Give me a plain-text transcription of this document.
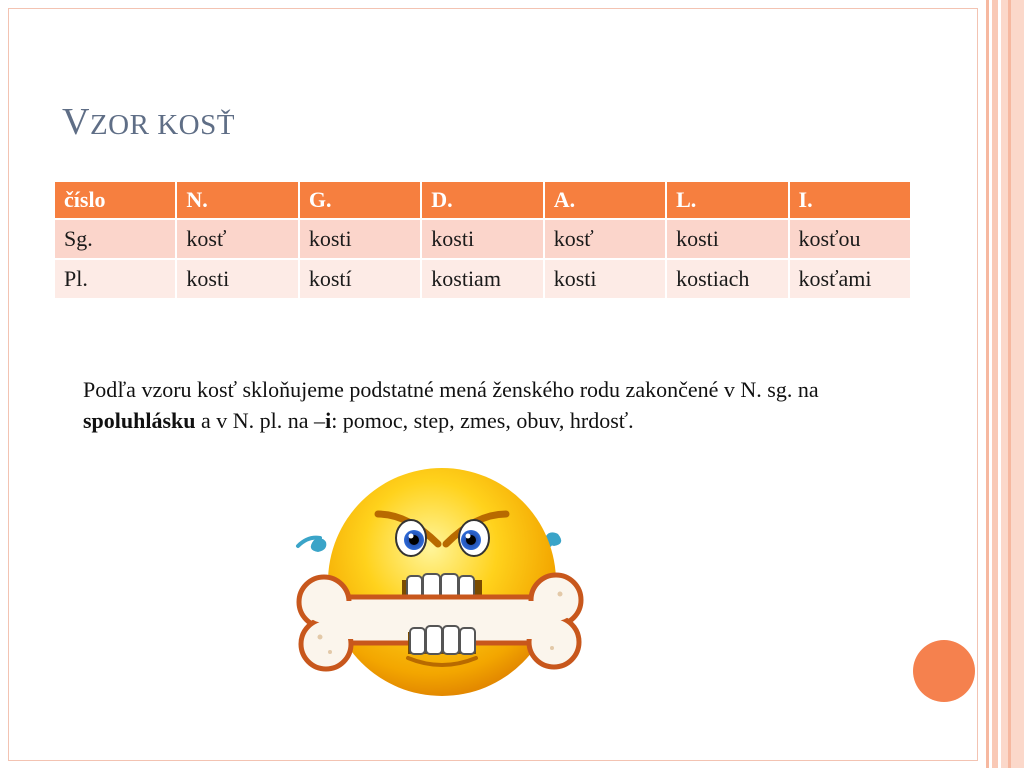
VZOR KOSŤ
číslo	N.	G.	D.	A.	L.	I.
Sg.	kosť	kosti	kosti	kosť	kosti	kosťou
Pl.	kosti	kostí	kostiam	kosti	kostiach	kosťami

Podľa vzoru kosť skloňujeme podstatné mená ženského rodu zakončené v N. sg. na spoluhlásku a v N. pl. na –i: pomoc, step, zmes, obuv, hrdosť.
